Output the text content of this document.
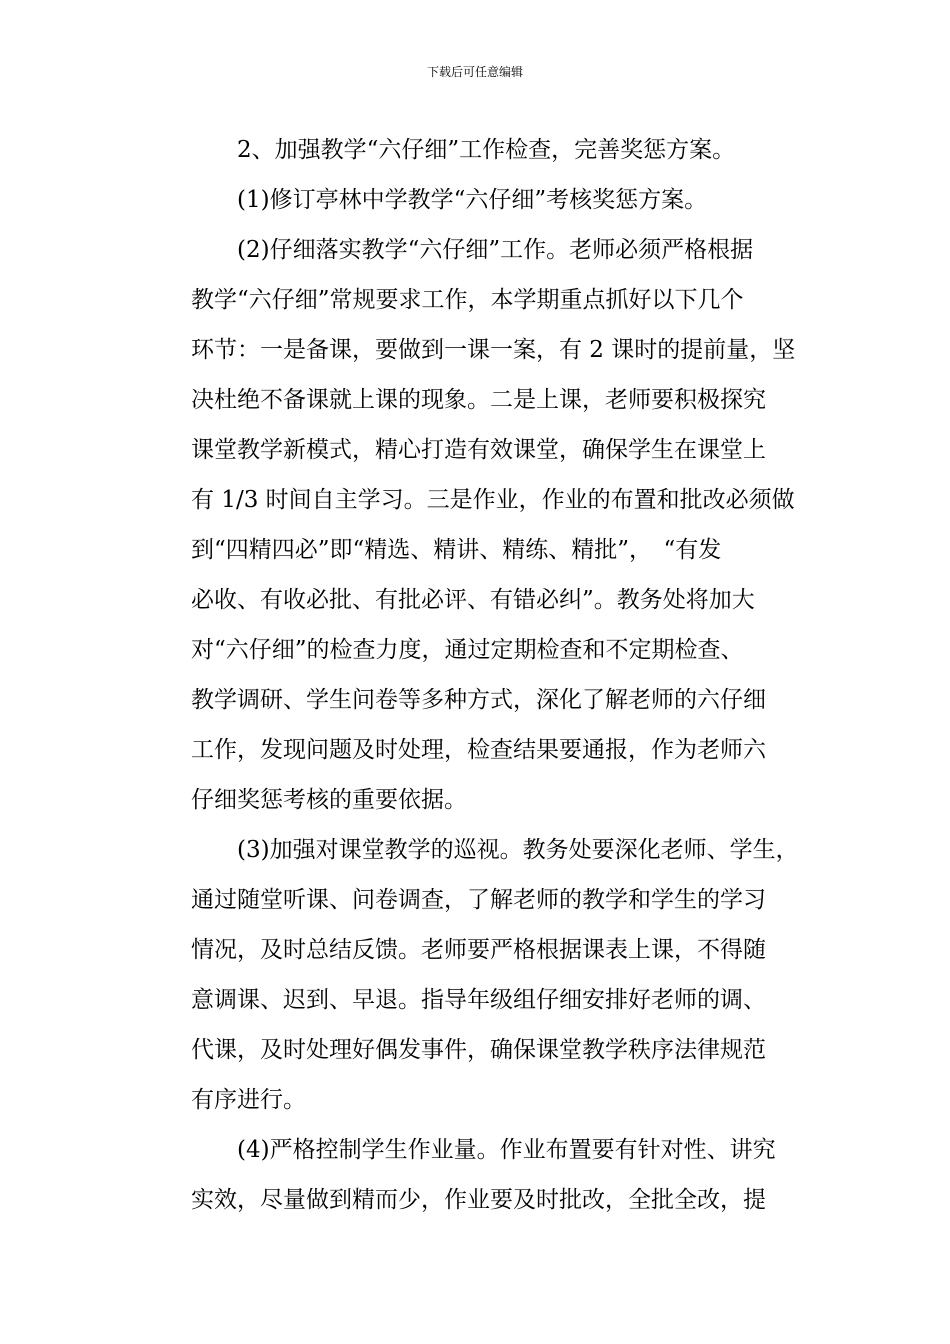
下载后可任意编辑
2、加强教学“六仔细”工作检查，完善奖惩方案。
(1)修订亭林中学教学“六仔细”考核奖惩方案。
(2)仔细落实教学“六仔细”工作。老师必须严格根据
教学“六仔细”常规要求工作，本学期重点抓好以下几个
环节：一是备课，要做到一课一案，有 2 课时的提前量，坚
决杜绝不备课就上课的现象。二是上课，老师要积极探究
课堂教学新模式，精心打造有效课堂，确保学生在课堂上
有 1/3 时间自主学习。三是作业，作业的布置和批改必须做
到“四精四必”即“精选、精讲、精练、精批”，　“有发
必收、有收必批、有批必评、有错必纠”。教务处将加大
对“六仔细”的检查力度，通过定期检查和不定期检查、
教学调研、学生问卷等多种方式，深化了解老师的六仔细
工作，发现问题及时处理，检查结果要通报，作为老师六
仔细奖惩考核的重要依据。
(3)加强对课堂教学的巡视。教务处要深化老师、学生，
通过随堂听课、问卷调查，了解老师的教学和学生的学习
情况，及时总结反馈。老师要严格根据课表上课，不得随
意调课、迟到、早退。指导年级组仔细安排好老师的调、
代课，及时处理好偶发事件，确保课堂教学秩序法律规范
有序进行。
(4)严格控制学生作业量。作业布置要有针对性、讲究
实效，尽量做到精而少，作业要及时批改，全批全改，提
